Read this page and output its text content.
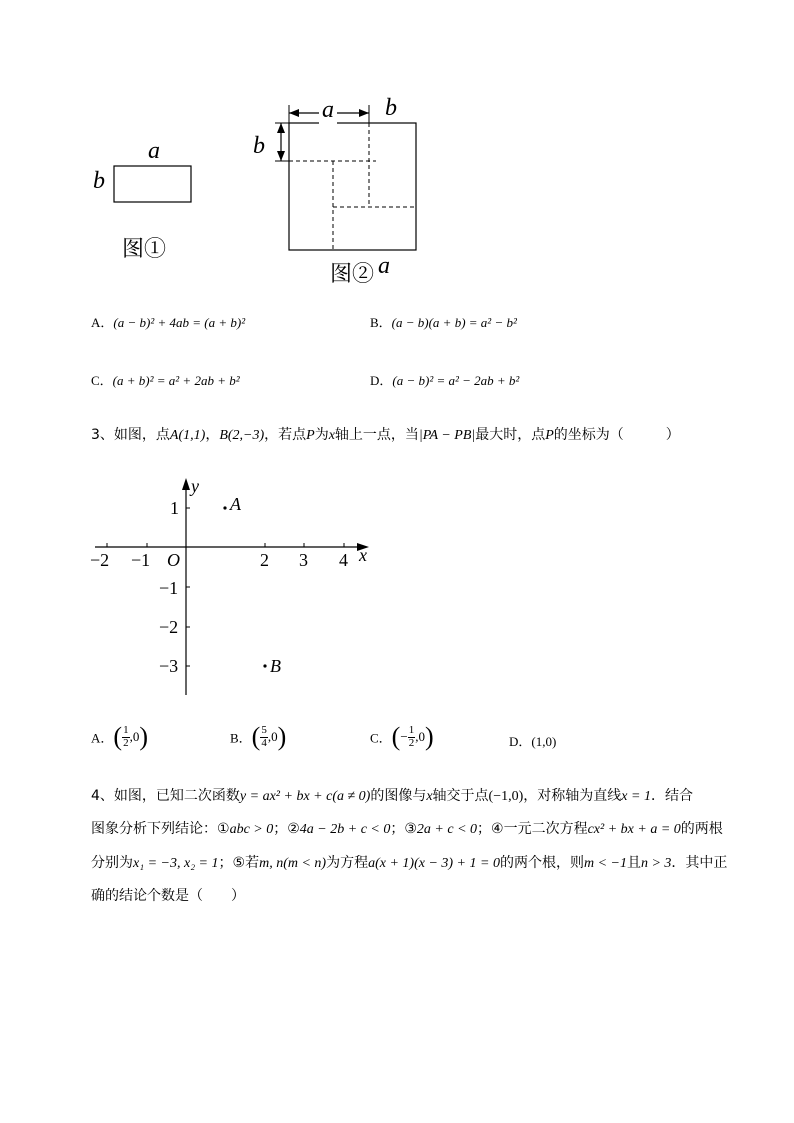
a
b
图①
a b
b
图② a
A．(a − b)² + 4ab = (a + b)²	B．(a − b)(a + b) = a² − b²
C．(a + b)² = a² + 2ab + b²	D．(a − b)² = a² − 2ab + b²
3、如图，点A(1,1)，B(2,−3)，若点P为x轴上一点，当|PA − PB|最大时，点P的坐标为（　　　）
−2 −1 O	2 3 4 x
1
−1
−2
−3
y
A
B
A．( $\frac{1}{2} ,0$)	B．( $\frac{5}{4} ,0$)	C．(− $\frac{1}{2} ,0$)	D．(1,0)
4、如图，已知二次函数y = ax² + bx + c(a ≠ 0)的图像与x轴交于点(−1,0)，对称轴为直线x = 1．结合
图象分析下列结论：①abc > 0；②4a − 2b + c < 0；③2a + c < 0；④一元二次方程cx² + bx + a = 0的两根
分别为x₁ = −3, x₂ = 1；⑤若m, n(m < n)为方程a(x + 1)(x − 3) + 1 = 0的两个根，则m < −1且n > 3．其中正
确的结论个数是（　　）
